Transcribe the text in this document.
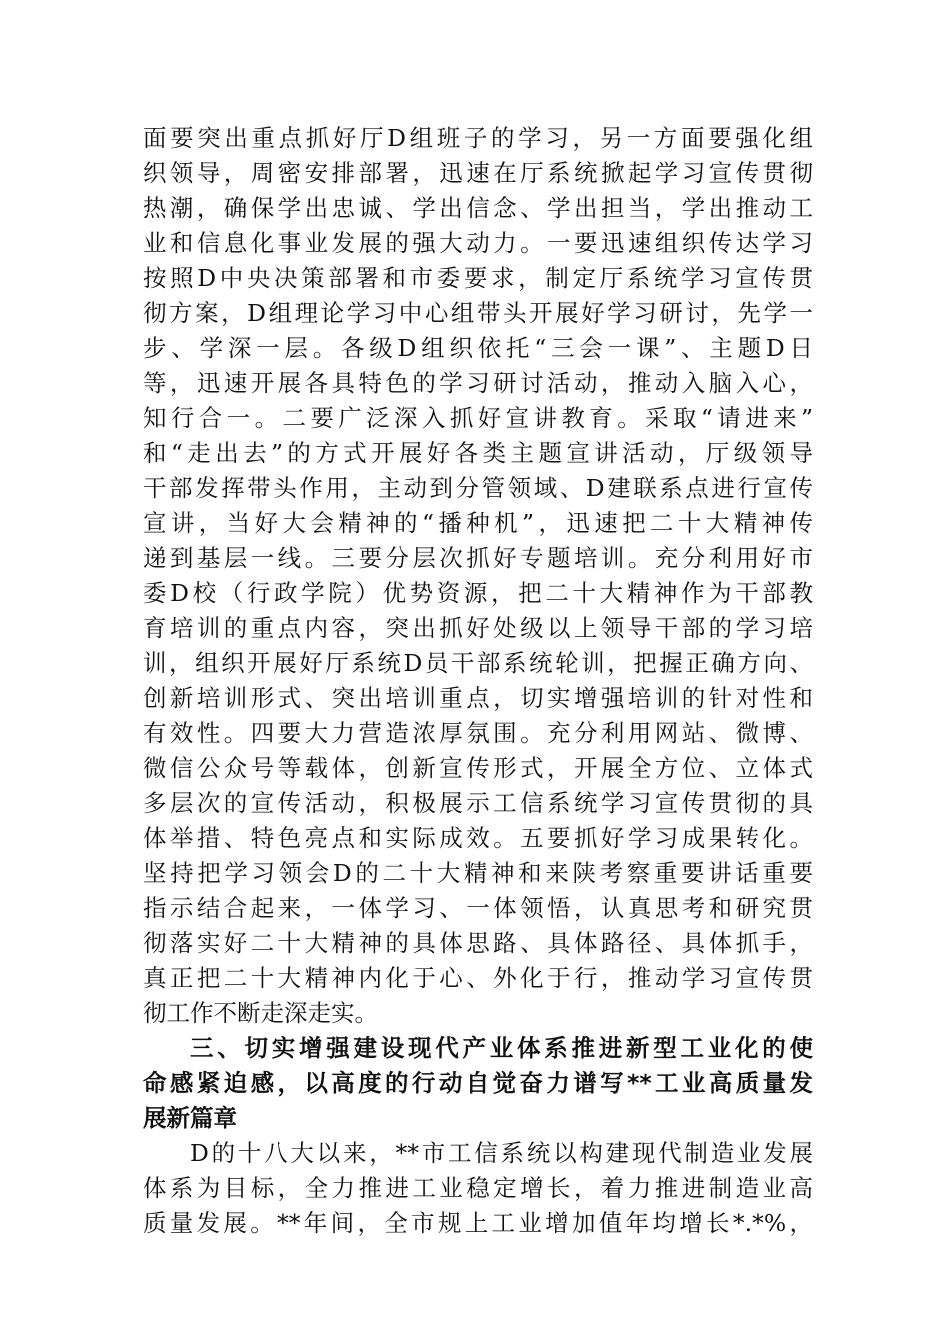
面要突出重点抓好厅D组班子的学习，另一方面要强化组
织领导，周密安排部署，迅速在厅系统掀起学习宣传贯彻
热潮，确保学出忠诚、学出信念、学出担当，学出推动工
业和信息化事业发展的强大动力。一要迅速组织传达学习
按照D中央决策部署和市委要求，制定厅系统学习宣传贯
彻方案，D组理论学习中心组带头开展好学习研讨，先学一
步、学深一层。各级D组织依托“三会一课”、主题D日
等，迅速开展各具特色的学习研讨活动，推动入脑入心，
知行合一。二要广泛深入抓好宣讲教育。采取“请进来”
和“走出去”的方式开展好各类主题宣讲活动，厅级领导
干部发挥带头作用，主动到分管领域、D建联系点进行宣传
宣讲，当好大会精神的“播种机”，迅速把二十大精神传
递到基层一线。三要分层次抓好专题培训。充分利用好市
委D校（行政学院）优势资源，把二十大精神作为干部教
育培训的重点内容，突出抓好处级以上领导干部的学习培
训，组织开展好厅系统D员干部系统轮训，把握正确方向、
创新培训形式、突出培训重点，切实增强培训的针对性和
有效性。四要大力营造浓厚氛围。充分利用网站、微博、
微信公众号等载体，创新宣传形式，开展全方位、立体式
多层次的宣传活动，积极展示工信系统学习宣传贯彻的具
体举措、特色亮点和实际成效。五要抓好学习成果转化。
坚持把学习领会D的二十大精神和来陕考察重要讲话重要
指示结合起来，一体学习、一体领悟，认真思考和研究贯
彻落实好二十大精神的具体思路、具体路径、具体抓手，
真正把二十大精神内化于心、外化于行，推动学习宣传贯
彻工作不断走深走实。
三、切实增强建设现代产业体系推进新型工业化的使
命感紧迫感，以高度的行动自觉奋力谱写**工业高质量发
展新篇章
D的十八大以来，**市工信系统以构建现代制造业发展
体系为目标，全力推进工业稳定增长，着力推进制造业高
质量发展。**年间，全市规上工业增加值年均增长*.*%，
